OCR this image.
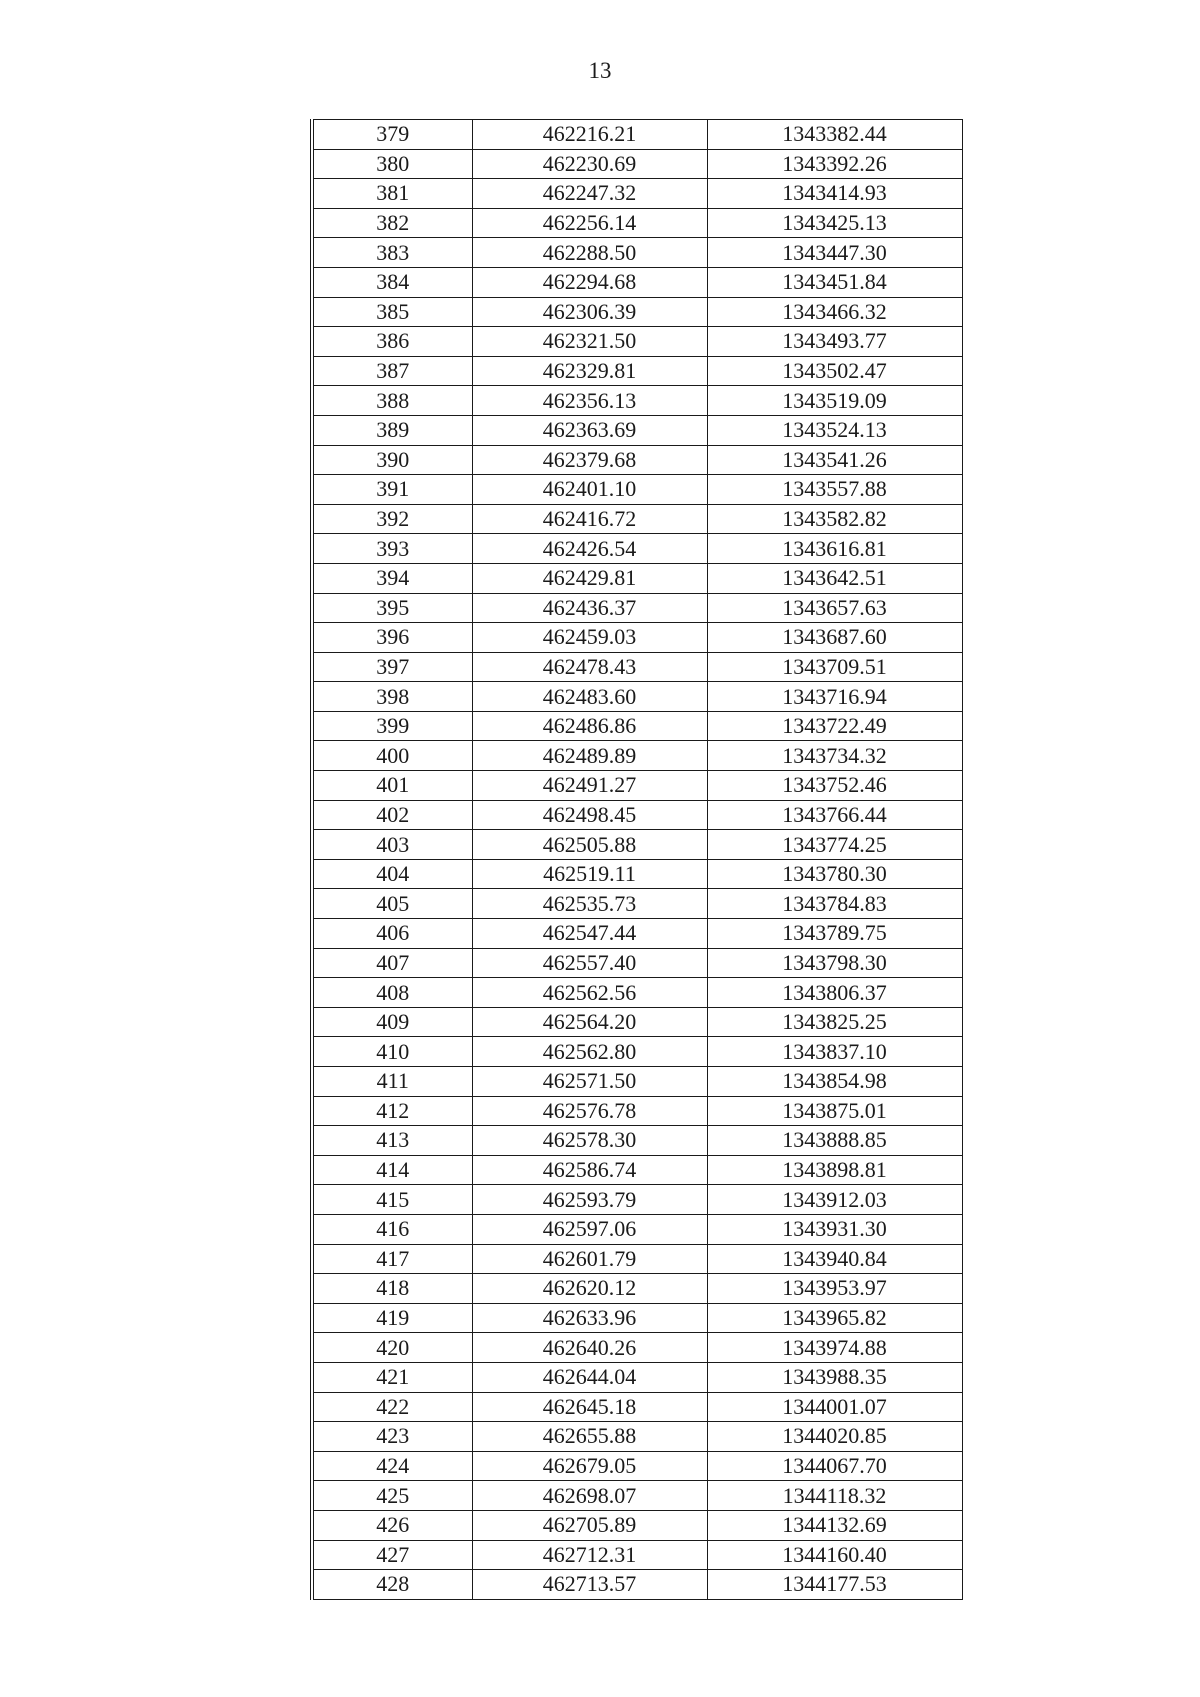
13
379	462216.21	1343382.44
380	462230.69	1343392.26
381	462247.32	1343414.93
382	462256.14	1343425.13
383	462288.50	1343447.30
384	462294.68	1343451.84
385	462306.39	1343466.32
386	462321.50	1343493.77
387	462329.81	1343502.47
388	462356.13	1343519.09
389	462363.69	1343524.13
390	462379.68	1343541.26
391	462401.10	1343557.88
392	462416.72	1343582.82
393	462426.54	1343616.81
394	462429.81	1343642.51
395	462436.37	1343657.63
396	462459.03	1343687.60
397	462478.43	1343709.51
398	462483.60	1343716.94
399	462486.86	1343722.49
400	462489.89	1343734.32
401	462491.27	1343752.46
402	462498.45	1343766.44
403	462505.88	1343774.25
404	462519.11	1343780.30
405	462535.73	1343784.83
406	462547.44	1343789.75
407	462557.40	1343798.30
408	462562.56	1343806.37
409	462564.20	1343825.25
410	462562.80	1343837.10
411	462571.50	1343854.98
412	462576.78	1343875.01
413	462578.30	1343888.85
414	462586.74	1343898.81
415	462593.79	1343912.03
416	462597.06	1343931.30
417	462601.79	1343940.84
418	462620.12	1343953.97
419	462633.96	1343965.82
420	462640.26	1343974.88
421	462644.04	1343988.35
422	462645.18	1344001.07
423	462655.88	1344020.85
424	462679.05	1344067.70
425	462698.07	1344118.32
426	462705.89	1344132.69
427	462712.31	1344160.40
428	462713.57	1344177.53
